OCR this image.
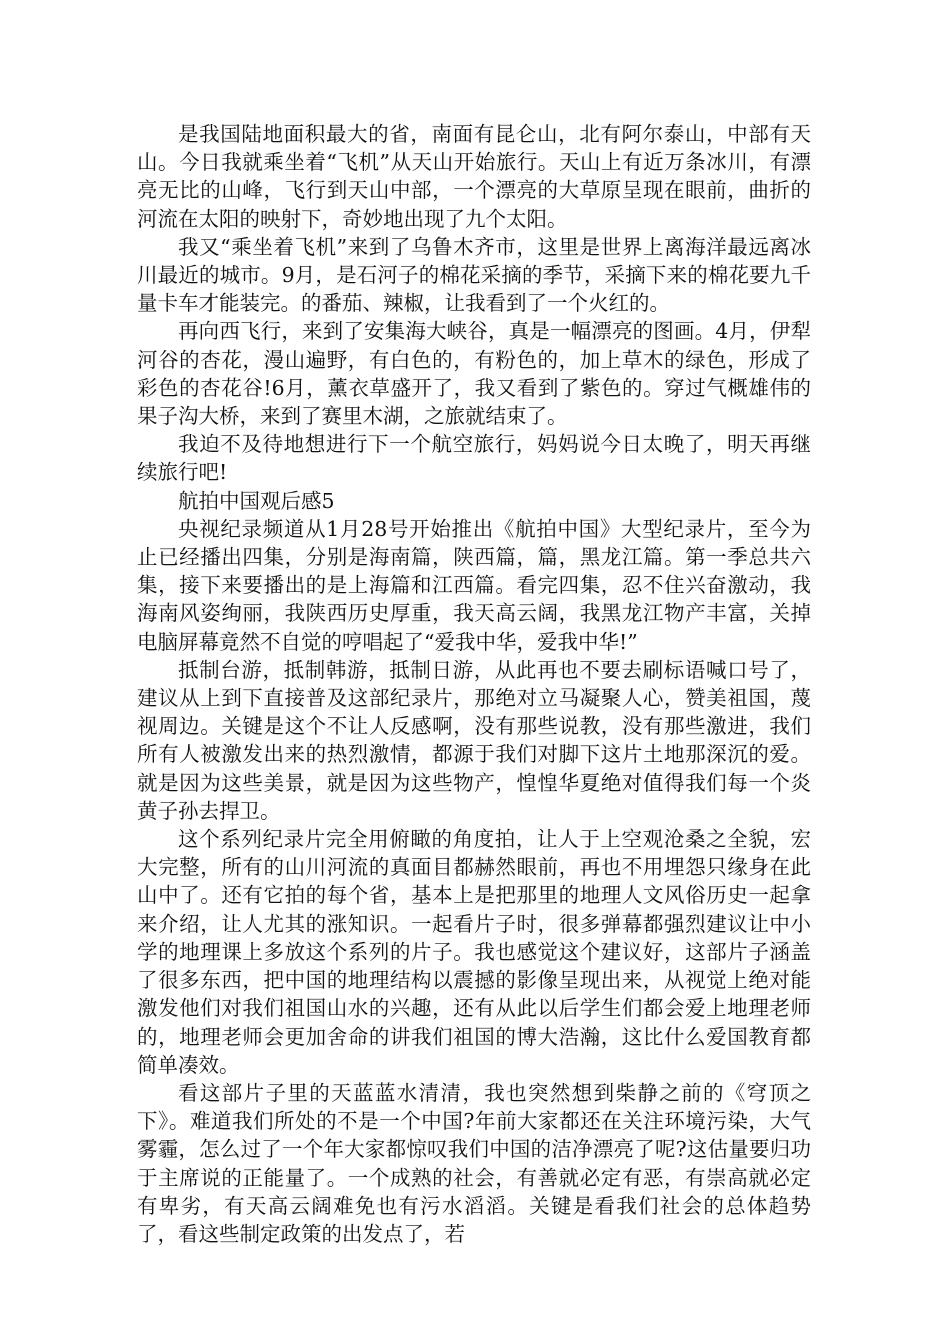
是我国陆地面积最大的省，南面有昆仑山，北有阿尔泰山，中部有天山。今日我就乘坐着“飞机”从天山开始旅行。天山上有近万条冰川，有漂亮无比的山峰，飞行到天山中部，一个漂亮的大草原呈现在眼前，曲折的河流在太阳的映射下，奇妙地出现了九个太阳。

我又“乘坐着飞机”来到了乌鲁木齐市，这里是世界上离海洋最远离冰川最近的城市。9月，是石河子的棉花采摘的季节，采摘下来的棉花要九千量卡车才能装完。的番茄、辣椒，让我看到了一个火红的。

再向西飞行，来到了安集海大峡谷，真是一幅漂亮的图画。4月，伊犁河谷的杏花，漫山遍野，有白色的，有粉色的，加上草木的绿色，形成了彩色的杏花谷!6月，薰衣草盛开了，我又看到了紫色的。穿过气概雄伟的果子沟大桥，来到了赛里木湖，之旅就结束了。

我迫不及待地想进行下一个航空旅行，妈妈说今日太晚了，明天再继续旅行吧!

航拍中国观后感5

央视纪录频道从1月28号开始推出《航拍中国》大型纪录片，至今为止已经播出四集，分别是海南篇，陕西篇，篇，黑龙江篇。第一季总共六集，接下来要播出的是上海篇和江西篇。看完四集，忍不住兴奋激动，我海南风姿绚丽，我陕西历史厚重，我天高云阔，我黑龙江物产丰富，关掉电脑屏幕竟然不自觉的哼唱起了“爱我中华，爱我中华!”

抵制台游，抵制韩游，抵制日游，从此再也不要去刷标语喊口号了，建议从上到下直接普及这部纪录片，那绝对立马凝聚人心，赞美祖国，蔑视周边。关键是这个不让人反感啊，没有那些说教，没有那些激进，我们所有人被激发出来的热烈激情，都源于我们对脚下这片土地那深沉的爱。就是因为这些美景，就是因为这些物产，惶惶华夏绝对值得我们每一个炎黄子孙去捍卫。

这个系列纪录片完全用俯瞰的角度拍，让人于上空观沧桑之全貌，宏大完整，所有的山川河流的真面目都赫然眼前，再也不用埋怨只缘身在此山中了。还有它拍的每个省，基本上是把那里的地理人文风俗历史一起拿来介绍，让人尤其的涨知识。一起看片子时，很多弹幕都强烈建议让中小学的地理课上多放这个系列的片子。我也感觉这个建议好，这部片子涵盖了很多东西，把中国的地理结构以震撼的影像呈现出来，从视觉上绝对能激发他们对我们祖国山水的兴趣，还有从此以后学生们都会爱上地理老师的，地理老师会更加舍命的讲我们祖国的博大浩瀚，这比什么爱国教育都简单凑效。

看这部片子里的天蓝蓝水清清，我也突然想到柴静之前的《穹顶之下》。难道我们所处的不是一个中国?年前大家都还在关注环境污染，大气雾霾，怎么过了一个年大家都惊叹我们中国的洁净漂亮了呢?这估量要归功于主席说的正能量了。一个成熟的社会，有善就必定有恶，有崇高就必定有卑劣，有天高云阔难免也有污水滔滔。关键是看我们社会的总体趋势了，看这些制定政策的出发点了，若
